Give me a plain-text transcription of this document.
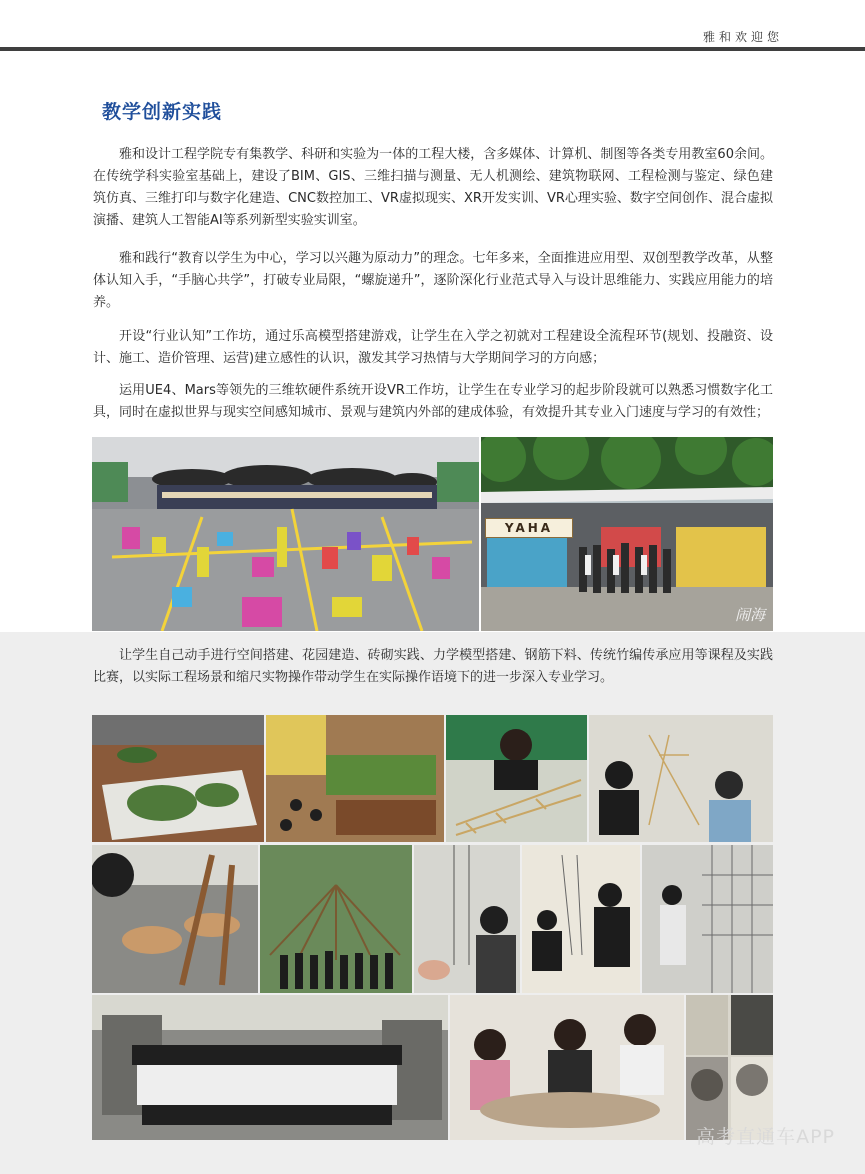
雅和欢迎您
教学创新实践

雅和设计工程学院专有集教学、科研和实验为一体的工程大楼，含多媒体、计算机、制图等各类专用教室60余间。在传统学科实验室基础上，建设了BIM、GIS、三维扫描与测量、无人机测绘、建筑物联网、工程检测与鉴定、绿色建筑仿真、三维打印与数字化建造、CNC数控加工、VR虚拟现实、XR开发实训、VR心理实验、数字空间创作、混合虚拟演播、建筑人工智能AI等系列新型实验实训室。

雅和践行“教育以学生为中心，学习以兴趣为原动力”的理念。七年多来，全面推进应用型、双创型教学改革，从整体认知入手，“手脑心共学”，打破专业局限，“螺旋递升”，逐阶深化行业范式导入与设计思维能力、实践应用能力的培养。

开设“行业认知”工作坊，通过乐高模型搭建游戏，让学生在入学之初就对工程建设全流程环节(规划、投融资、设计、施工、造价管理、运营)建立感性的认识，激发其学习热情与大学期间学习的方向感；

运用UE4、Mars等领先的三维软硬件系统开设VR工作坊，让学生在专业学习的起步阶段就可以熟悉习惯数字化工具，同时在虚拟世界与现实空间感知城市、景观与建筑内外部的建成体验，有效提升其专业入门速度与学习的有效性；

YAHA
闹海

让学生自己动手进行空间搭建、花园建造、砖砌实践、力学模型搭建、钢筋下料、传统竹编传承应用等课程及实践比赛，以实际工程场景和缩尺实物操作带动学生在实际操作语境下的进一步深入专业学习。

高考直通车APP
